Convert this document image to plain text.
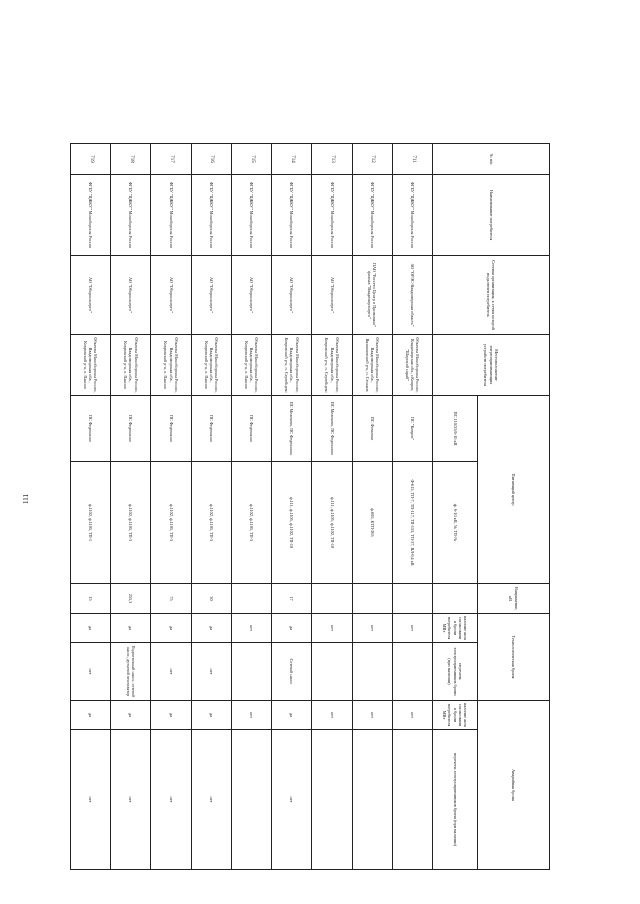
111
№ п/п	Наименование потребителя	Сетевая организация, к сетям которой подключен потребитель	Местоположение энергопринимающих устройств потребителя	Питающий центр		Напряжение, кВ	Технологическая броня		Аварийная броня	
				ПС 110/35/6-10 кВ	ф. 6-10 кВ, № ТП-№		наличие акта согласования брони потребителя МВт	перечень электроприемников брони (при наличии)	наличие акта согласования брони потребителя МВт	перечень электроприемников брони (при наличии)
711	ФГБУ "ЦЖКУ" Минобороны России	АО "ОРЭС-Владимирская область"	Объекты Минобороны России, Владимирская обл., г.Ковров, "Широкий сарай"	ПС "Ковров"	Ф-615, ТП-7, ТП-117, ТП-153, ТП-37, ВЛ-0,4 кВ		нет		нет	
712	ФГБУ "ЦЖКУ" Минобороны России	ПАО "Россети Центр и Приволжье" филиал "Владимирэнерго"	Объекты Минобороны России, Владимирская обл., Вязниковский р-н, п. Сеньков	ПС Фоминки	ф.605, КТП-263		нет		нет	
713	ФГБУ "ЦЖКУ" Минобороны России	АО "Оборонэнерго"	Объекты Минобороны России, Владимирская обл., Ковровский р-н, п. Сергейцево	ПС Мелехово, ПС Федюшино	ф.111, ф.1105, ф.1102, ТП-10		нет		нет	
714	ФГБУ "ЦЖКУ" Минобороны России	АО "Оборонэнерго"	Объекты Минобороны России, Владимирская обл., Ковровский р-н, п. Сергейцево	ПС Мелехово, ПС Федюшино	ф.111, ф.1105, ф.1102, ТП-10	17	да	Сетевой насос	да	нет
715	ФГБУ "ЦЖКУ" Минобороны России	АО "Оборонэнерго"	Объекты Минобороны России, Владимирская обл., Ковровский р-н, п. Пакино	ПС Федюшино	ф.1102, ф.1105, ТП-3		нет		нет	
716	ФГБУ "ЦЖКУ" Минобороны России	АО "Оборонэнерго"	Объекты Минобороны России, Владимирская обл., Ковровский р-н, п. Пакино	ПС Федюшино	ф.1102, ф.1105, ТП-3	30	да	нет	да	нет
717	ФГБУ "ЦЖКУ" Минобороны России	АО "Оборонэнерго"	Объекты Минобороны России, Владимирская обл., Ковровский р-н, п. Пакино	ПС Федюшино	ф.1102, ф.1105, ТП-3	75	да	нет	да	нет
718	ФГБУ "ЦЖКУ" Минобороны России	АО "Оборонэнерго"	Объекты Минобороны России, Владимирская обл., Ковровский р-н, п. Пакино	ПС Федюшино	ф.1102, ф.1105, ТП-3	255,3	да	Подпиточный насос, сетевой насос, дутьевой вентилятор	да	нет
719	ФГБУ "ЦЖКУ" Минобороны России	АО "Оборонэнерго"	Объекты Минобороны России, Владимирская обл., Ковровский р-н, п. Пакино	ПС Федюшино	ф.1102, ф.1105, ТП-1	15	да	нет	да	нет
